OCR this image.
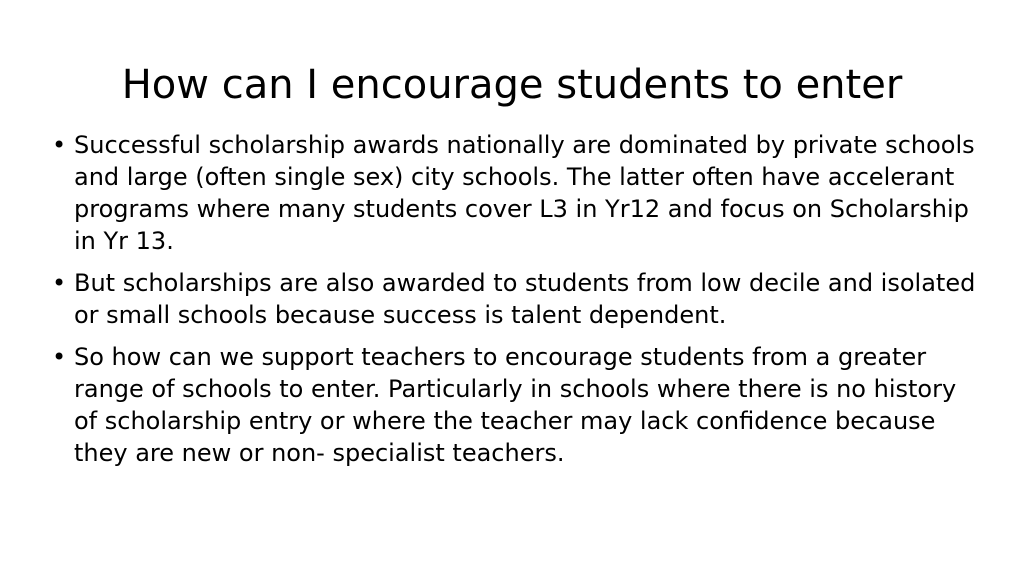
How can I encourage students to enter
• Successful scholarship awards nationally are dominated by private schools and large (often single sex) city schools. The latter often have accelerant programs where many students cover L3 in Yr12 and focus on Scholarship in Yr 13.
• But scholarships are also awarded to students from low decile and isolated or small schools because success is talent dependent.
• So how can we support teachers to encourage students from a greater range of schools to enter. Particularly in schools where there is no history of scholarship entry or where the teacher may lack confidence because they are new or non- specialist teachers.
